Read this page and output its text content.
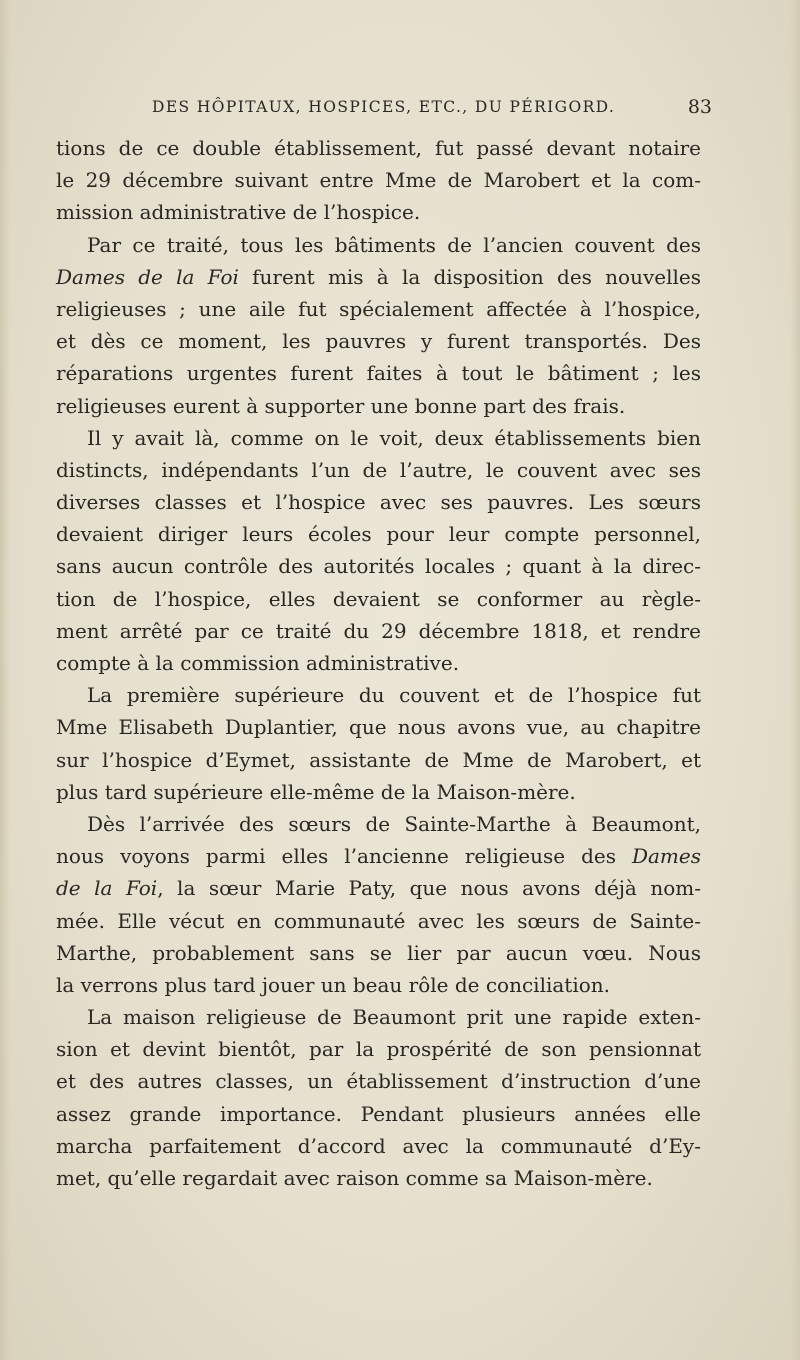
DES HÔPITAUX, HOSPICES, ETC., DU PÉRIGORD.	83
tions de ce double établissement, fut passé devant notaire
le 29 décembre suivant entre Mme de Marobert et la com-
mission administrative de l’hospice.
Par ce traité, tous les bâtiments de l’ancien couvent des
Dames de la Foi furent mis à la disposition des nouvelles
religieuses ; une aile fut spécialement affectée à l’hospice,
et dès ce moment, les pauvres y furent transportés. Des
réparations urgentes furent faites à tout le bâtiment ; les
religieuses eurent à supporter une bonne part des frais.
Il y avait là, comme on le voit, deux établissements bien
distincts, indépendants l’un de l’autre, le couvent avec ses
diverses classes et l’hospice avec ses pauvres. Les sœurs
devaient diriger leurs écoles pour leur compte personnel,
sans aucun contrôle des autorités locales ; quant à la direc-
tion de l’hospice, elles devaient se conformer au règle-
ment arrêté par ce traité du 29 décembre 1818, et rendre
compte à la commission administrative.
La première supérieure du couvent et de l’hospice fut
Mme Elisabeth Duplantier, que nous avons vue, au chapitre
sur l’hospice d’Eymet, assistante de Mme de Marobert, et
plus tard supérieure elle-même de la Maison-mère.
Dès l’arrivée des sœurs de Sainte-Marthe à Beaumont,
nous voyons parmi elles l’ancienne religieuse des Dames
de la Foi, la sœur Marie Paty, que nous avons déjà nom-
mée. Elle vécut en communauté avec les sœurs de Sainte-
Marthe, probablement sans se lier par aucun vœu. Nous
la verrons plus tard jouer un beau rôle de conciliation.
La maison religieuse de Beaumont prit une rapide exten-
sion et devint bientôt, par la prospérité de son pensionnat
et des autres classes, un établissement d’instruction d’une
assez grande importance. Pendant plusieurs années elle
marcha parfaitement d’accord avec la communauté d’Ey-
met, qu’elle regardait avec raison comme sa Maison-mère.
